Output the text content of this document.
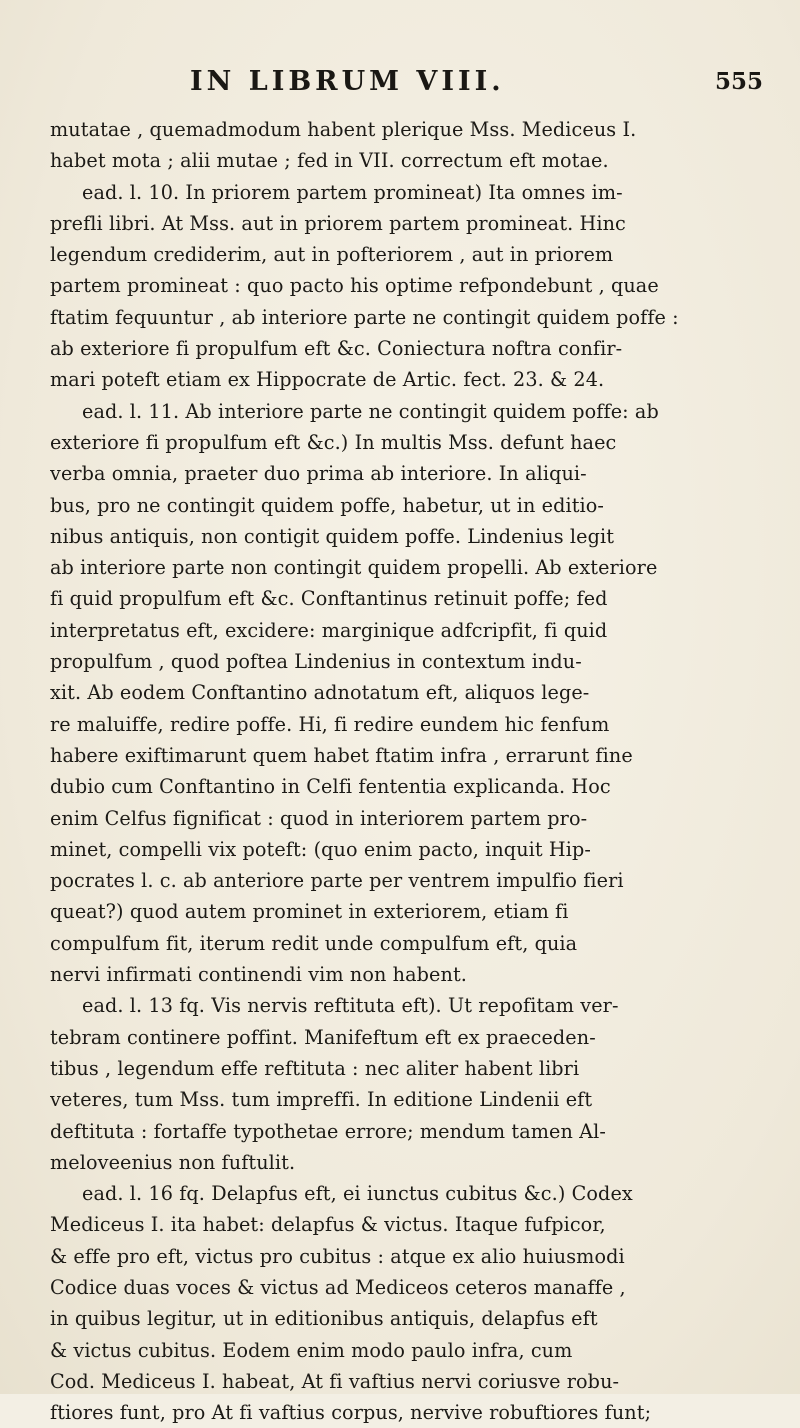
IN LIBRUM VIII.	555
mutatae , quemadmodum habent plerique Mss. Mediceus I.
habet mota ; alii mutae ; fed in VII. correctum eft motae.
ead. l. 10. In priorem partem promineat) Ita omnes im-
prefli libri. At Mss. aut in priorem partem promineat. Hinc
legendum crediderim, aut in pofteriorem , aut in priorem
partem promineat : quo pacto his optime refpondebunt , quae
ftatim fequuntur , ab interiore parte ne contingit quidem poffe :
ab exteriore fi propulfum eft &c. Coniectura noftra confir-
mari poteft etiam ex Hippocrate de Artic. fect. 23. & 24.
ead. l. 11. Ab interiore parte ne contingit quidem poffe: ab
exteriore fi propulfum eft &c.) In multis Mss. defunt haec
verba omnia, praeter duo prima ab interiore. In aliqui-
bus, pro ne contingit quidem poffe, habetur, ut in editio-
nibus antiquis, non contigit quidem poffe. Lindenius legit
ab interiore parte non contingit quidem propelli. Ab exteriore
fi quid propulfum eft &c. Conftantinus retinuit poffe; fed
interpretatus eft, excidere: marginique adfcripfit, fi quid
propulfum , quod poftea Lindenius in contextum indu-
xit. Ab eodem Conftantino adnotatum eft, aliquos lege-
re maluiffe, redire poffe. Hi, fi redire eundem hic fenfum
habere exiftimarunt quem habet ftatim infra , errarunt fine
dubio cum Conftantino in Celfi fententia explicanda. Hoc
enim Celfus fignificat : quod in interiorem partem pro-
minet, compelli vix poteft: (quo enim pacto, inquit Hip-
pocrates l. c. ab anteriore parte per ventrem impulfio fieri
queat?) quod autem prominet in exteriorem, etiam fi
compulfum fit, iterum redit unde compulfum eft, quia
nervi infirmati continendi vim non habent.
ead. l. 13 fq. Vis nervis reftituta eft). Ut repofitam ver-
tebram continere poffint. Manifeftum eft ex praeceden-
tibus , legendum effe reftituta : nec aliter habent libri
veteres, tum Mss. tum impreffi. In editione Lindenii eft
deftituta : fortaffe typothetae errore; mendum tamen Al-
meloveenius non fuftulit.
ead. l. 16 fq. Delapfus eft, ei iunctus cubitus &c.) Codex
Mediceus I. ita habet: delapfus & victus. Itaque fufpicor,
& effe pro eft, victus pro cubitus : atque ex alio huiusmodi
Codice duas voces & victus ad Mediceos ceteros manaffe ,
in quibus legitur, ut in editionibus antiquis, delapfus eft
& victus cubitus. Eodem enim modo paulo infra, cum
Cod. Mediceus I. habeat, At fi vaftius nervi coriusve robu-
ftiores funt, pro At fi vaftius corpus, nervive robuftiores funt;
